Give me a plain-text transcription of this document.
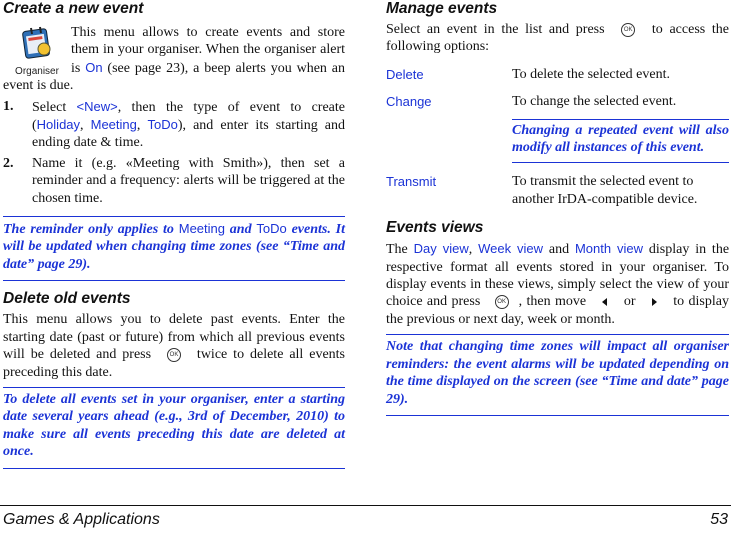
Create a new event
Organiser

This menu allows to create events and store them in your organiser. When the organiser alert is On (see page 23), a beep alerts you when an event is due.

1. Select <New>, then the type of event to create (Holiday, Meeting, ToDo), and enter its starting and ending date & time.
2. Name it (e.g. «Meeting with Smith»), then set a reminder and a frequency: alerts will be triggered at the chosen time.

The reminder only applies to Meeting and ToDo events. It will be updated when changing time zones (see “Time and date” page 29).

Delete old events

This menu allows you to delete past events. Enter the starting date (past or future) from which all previous events will be deleted and press OK twice to delete all events preceding this date.

To delete all events set in your organiser, enter a starting date several years ahead (e.g., 3rd of December, 2010) to make sure all events preceding this date are deleted at once.

Manage events

Select an event in the list and press OK to access the following options:

Delete	To delete the selected event.
Change	To change the selected event.

Changing a repeated event will also modify all instances of this event.

Transmit	To transmit the selected event to another IrDA-compatible device.
Events views

The Day view, Week view and Month view display in the respective format all events stored in your organiser. To display events in these views, simply select the view of your choice and press OK , then move  or  to display the previous or next day, week or month.

Note that changing time zones will impact all organiser reminders: the event alarms will be updated depending on the time displayed on the screen (see “Time and date” page 29).

Games & Applications	53
